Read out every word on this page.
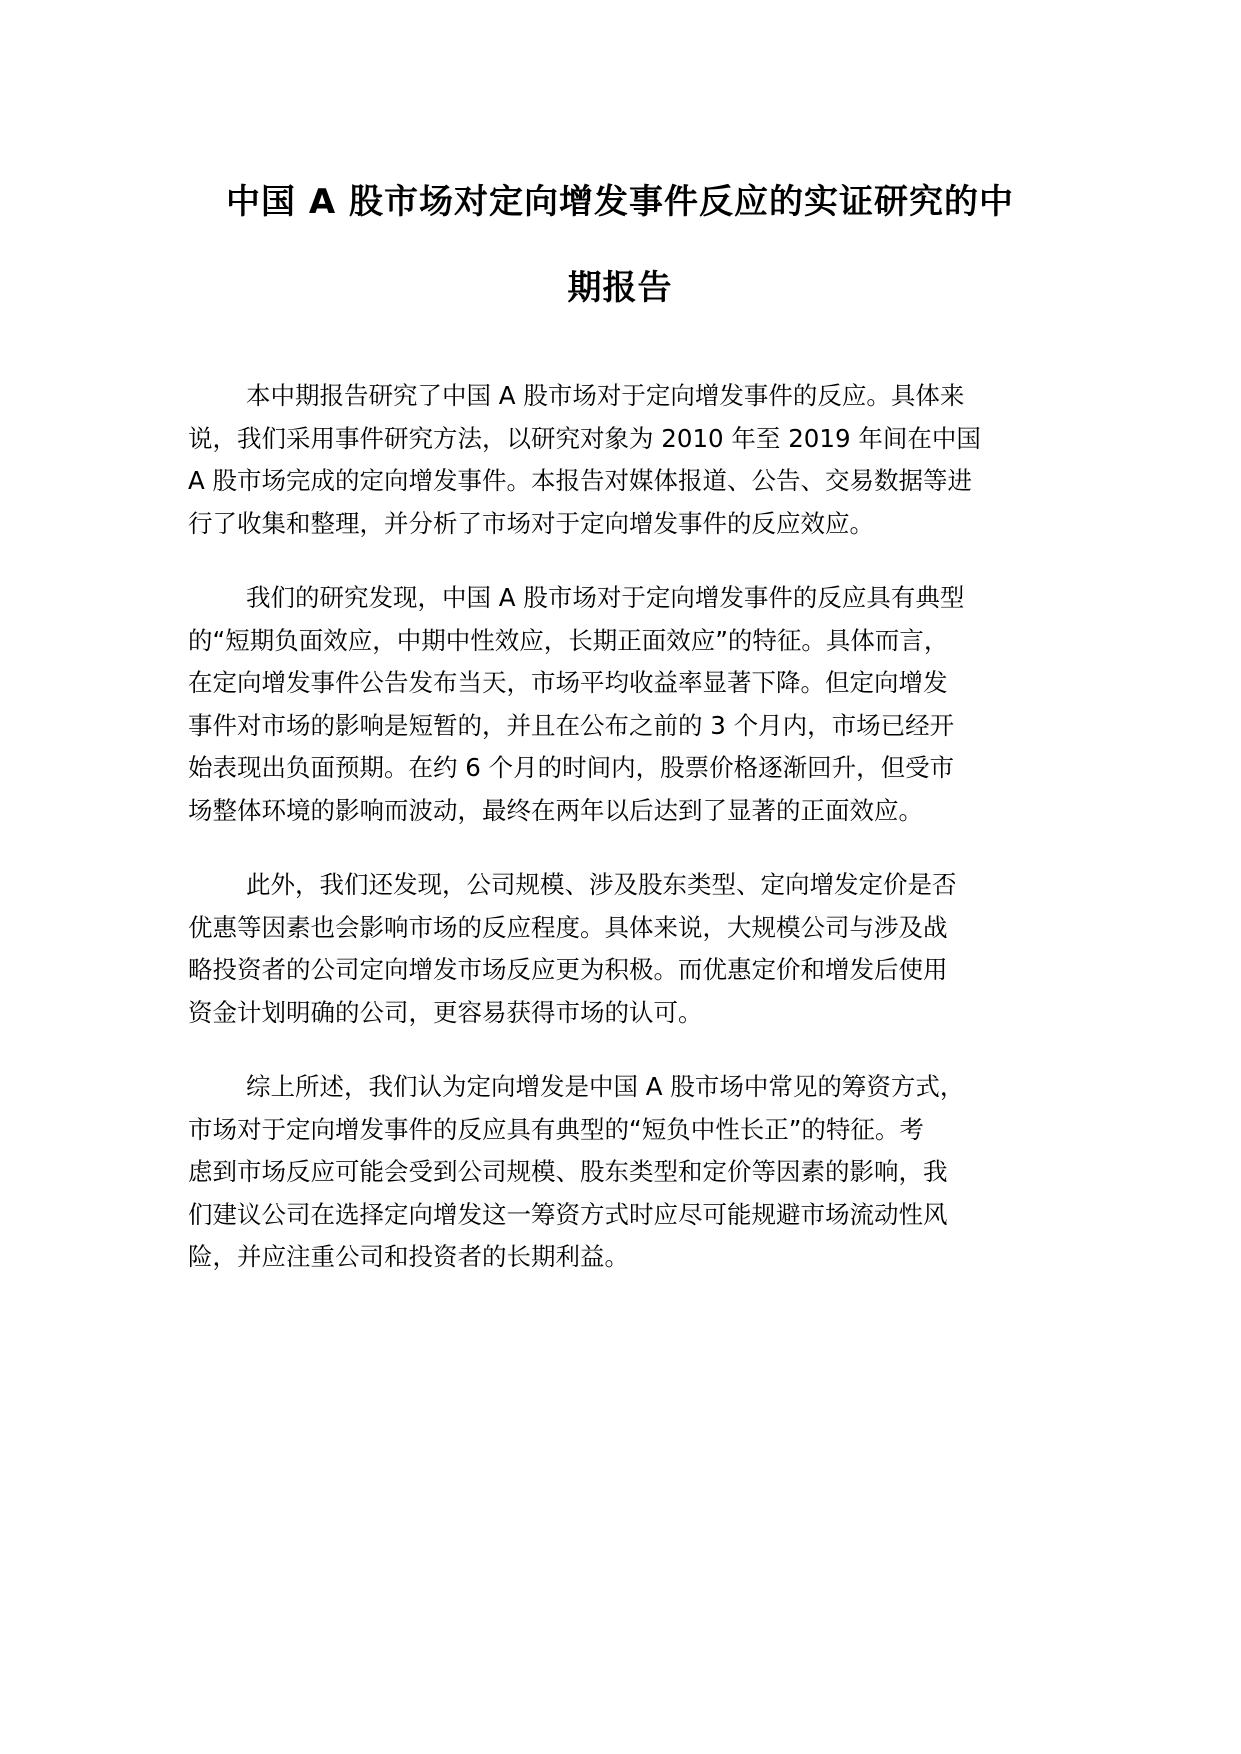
中国 A 股市场对定向增发事件反应的实证研究的中
期报告

本中期报告研究了中国 A 股市场对于定向增发事件的反应。具体来
说，我们采用事件研究方法，以研究对象为 2010 年至 2019 年间在中国
A 股市场完成的定向增发事件。本报告对媒体报道、公告、交易数据等进
行了收集和整理，并分析了市场对于定向增发事件的反应效应。

我们的研究发现，中国 A 股市场对于定向增发事件的反应具有典型
的“短期负面效应，中期中性效应，长期正面效应”的特征。具体而言，
在定向增发事件公告发布当天，市场平均收益率显著下降。但定向增发
事件对市场的影响是短暂的，并且在公布之前的 3 个月内，市场已经开
始表现出负面预期。在约 6 个月的时间内，股票价格逐渐回升，但受市
场整体环境的影响而波动，最终在两年以后达到了显著的正面效应。

此外，我们还发现，公司规模、涉及股东类型、定向增发定价是否
优惠等因素也会影响市场的反应程度。具体来说，大规模公司与涉及战
略投资者的公司定向增发市场反应更为积极。而优惠定价和增发后使用
资金计划明确的公司，更容易获得市场的认可。

综上所述，我们认为定向增发是中国 A 股市场中常见的筹资方式，
市场对于定向增发事件的反应具有典型的“短负中性长正”的特征。考
虑到市场反应可能会受到公司规模、股东类型和定价等因素的影响，我
们建议公司在选择定向增发这一筹资方式时应尽可能规避市场流动性风
险，并应注重公司和投资者的长期利益。
